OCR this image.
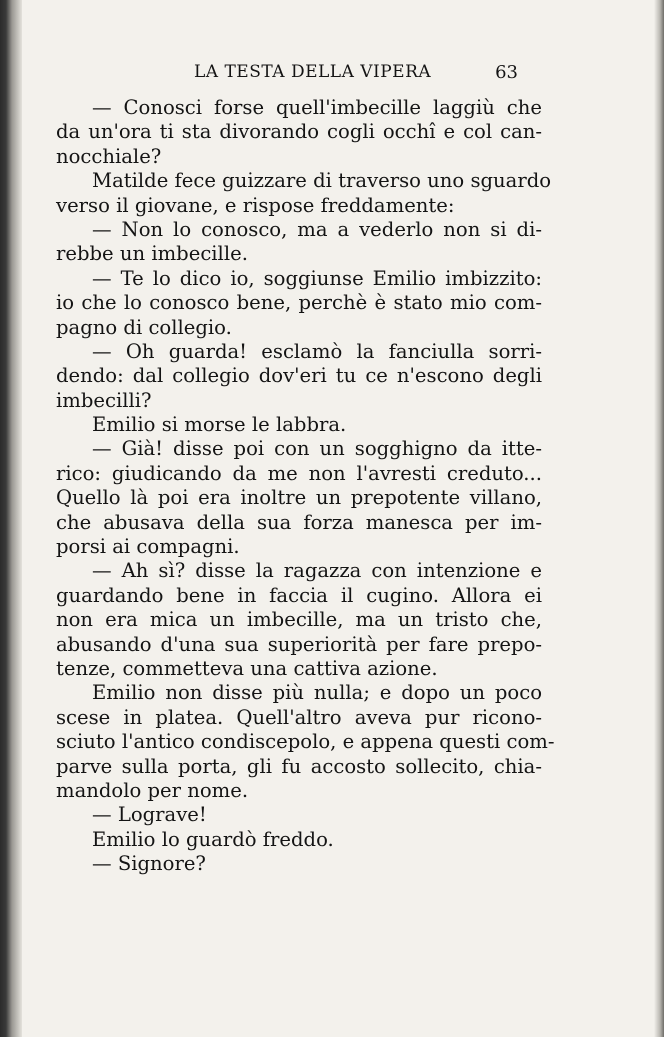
LA TESTA DELLA VIPERA	63
— Conosci forse quell'imbecille laggiù che
da un'ora ti sta divorando cogli occhî e col can-
nocchiale?
Matilde fece guizzare di traverso uno sguardo
verso il giovane, e rispose freddamente:
— Non lo conosco, ma a vederlo non si di-
rebbe un imbecille.
— Te lo dico io, soggiunse Emilio imbizzito:
io che lo conosco bene, perchè è stato mio com-
pagno di collegio.
— Oh guarda! esclamò la fanciulla sorri-
dendo: dal collegio dov'eri tu ce n'escono degli
imbecilli?
Emilio si morse le labbra.
— Già! disse poi con un sogghigno da itte-
rico: giudicando da me non l'avresti creduto...
Quello là poi era inoltre un prepotente villano,
che abusava della sua forza manesca per im-
porsi ai compagni.
— Ah sì? disse la ragazza con intenzione e
guardando bene in faccia il cugino. Allora ei
non era mica un imbecille, ma un tristo che,
abusando d'una sua superiorità per fare prepo-
tenze, commetteva una cattiva azione.
Emilio non disse più nulla; e dopo un poco
scese in platea. Quell'altro aveva pur ricono-
sciuto l'antico condiscepolo, e appena questi com-
parve sulla porta, gli fu accosto sollecito, chia-
mandolo per nome.
— Lograve!
Emilio lo guardò freddo.
— Signore?
